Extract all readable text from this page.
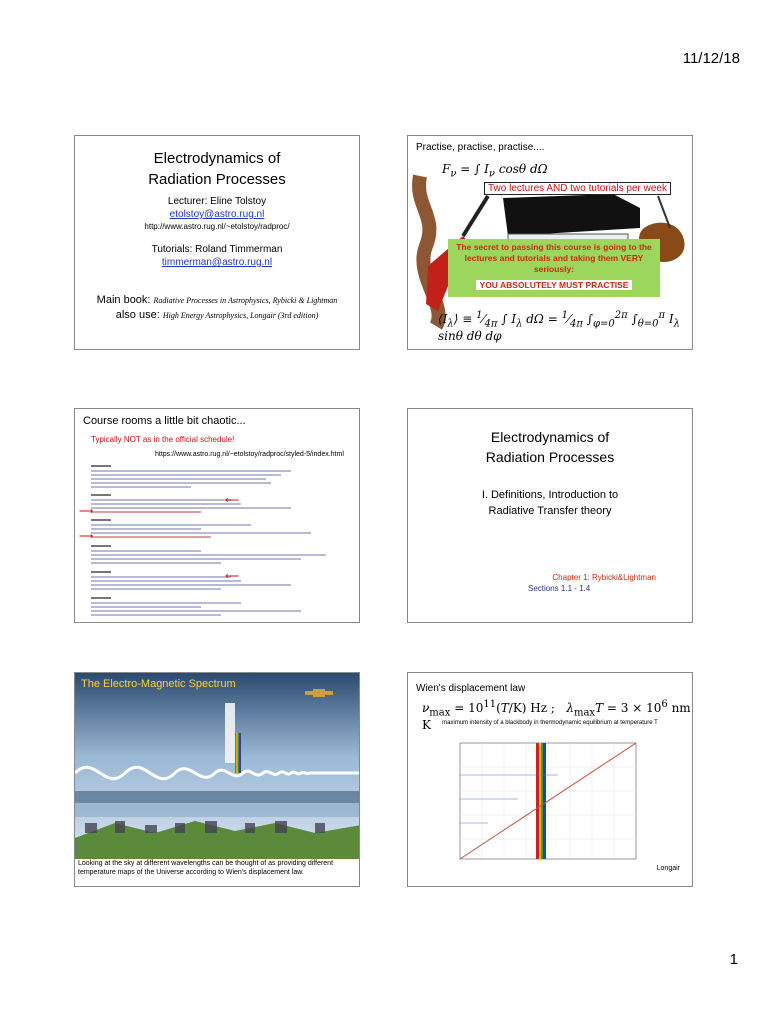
11/12/18
Electrodynamics of
Radiation Processes
Lecturer: Eline Tolstoy
etolstoy@astro.rug.nl
http://www.astro.rug.nl/~etolstoy/radproc/
Tutorials: Roland Timmerman
timmerman@astro.rug.nl
Main book: Radiative Processes in Astrophysics, Rybicki & Lightman
also use: High Energy Astrophysics, Longair (3rd edition)
Practise, practise, practise....
$F_\nu$ = ∫ $I_\nu$ cosθ dΩ
Two lectures AND two tutorials per week
The secret to passing this course is going to the lectures and tutorials and taking them VERY seriously:
YOU ABSOLUTELY MUST PRACTISE
$⟨I_\lambda⟩$ ≡ $^1⁄_{4\pi}$ ∫ $I_\lambda$ $d\Omega = ^1⁄_{4\pi}$ $\int_{\varphi=0}^{2\pi}$ $\int_{\theta=0}^\pi$ $I_\lambda$ sinθ dθ dφ
Course rooms a little bit chaotic...
Typically NOT as in the official schedule!
https://www.astro.rug.nl/~etolstoy/radproc/styled-5/index.html
⟵
⟶
⟶
⟵
Electrodynamics of
Radiation Processes
I. Definitions, Introduction to
Radiative Transfer theory
Chapter 1: Rybicki&Lightman
Sections 1.1 - 1.4
The Electro-Magnetic Spectrum
Looking at the sky at different wavelengths can be thought of as providing different temperature maps of the Universe according to Wien's displacement law.
Wien's displacement law
$\nu_{max} = 10^{11}(T/K)$ Hz ;   $\lambda_{max}T = 3 \times 10^6$ nm K	maximum intensity of a blackbody in thermodynamic equilibrium at temperature T
Longair
1
